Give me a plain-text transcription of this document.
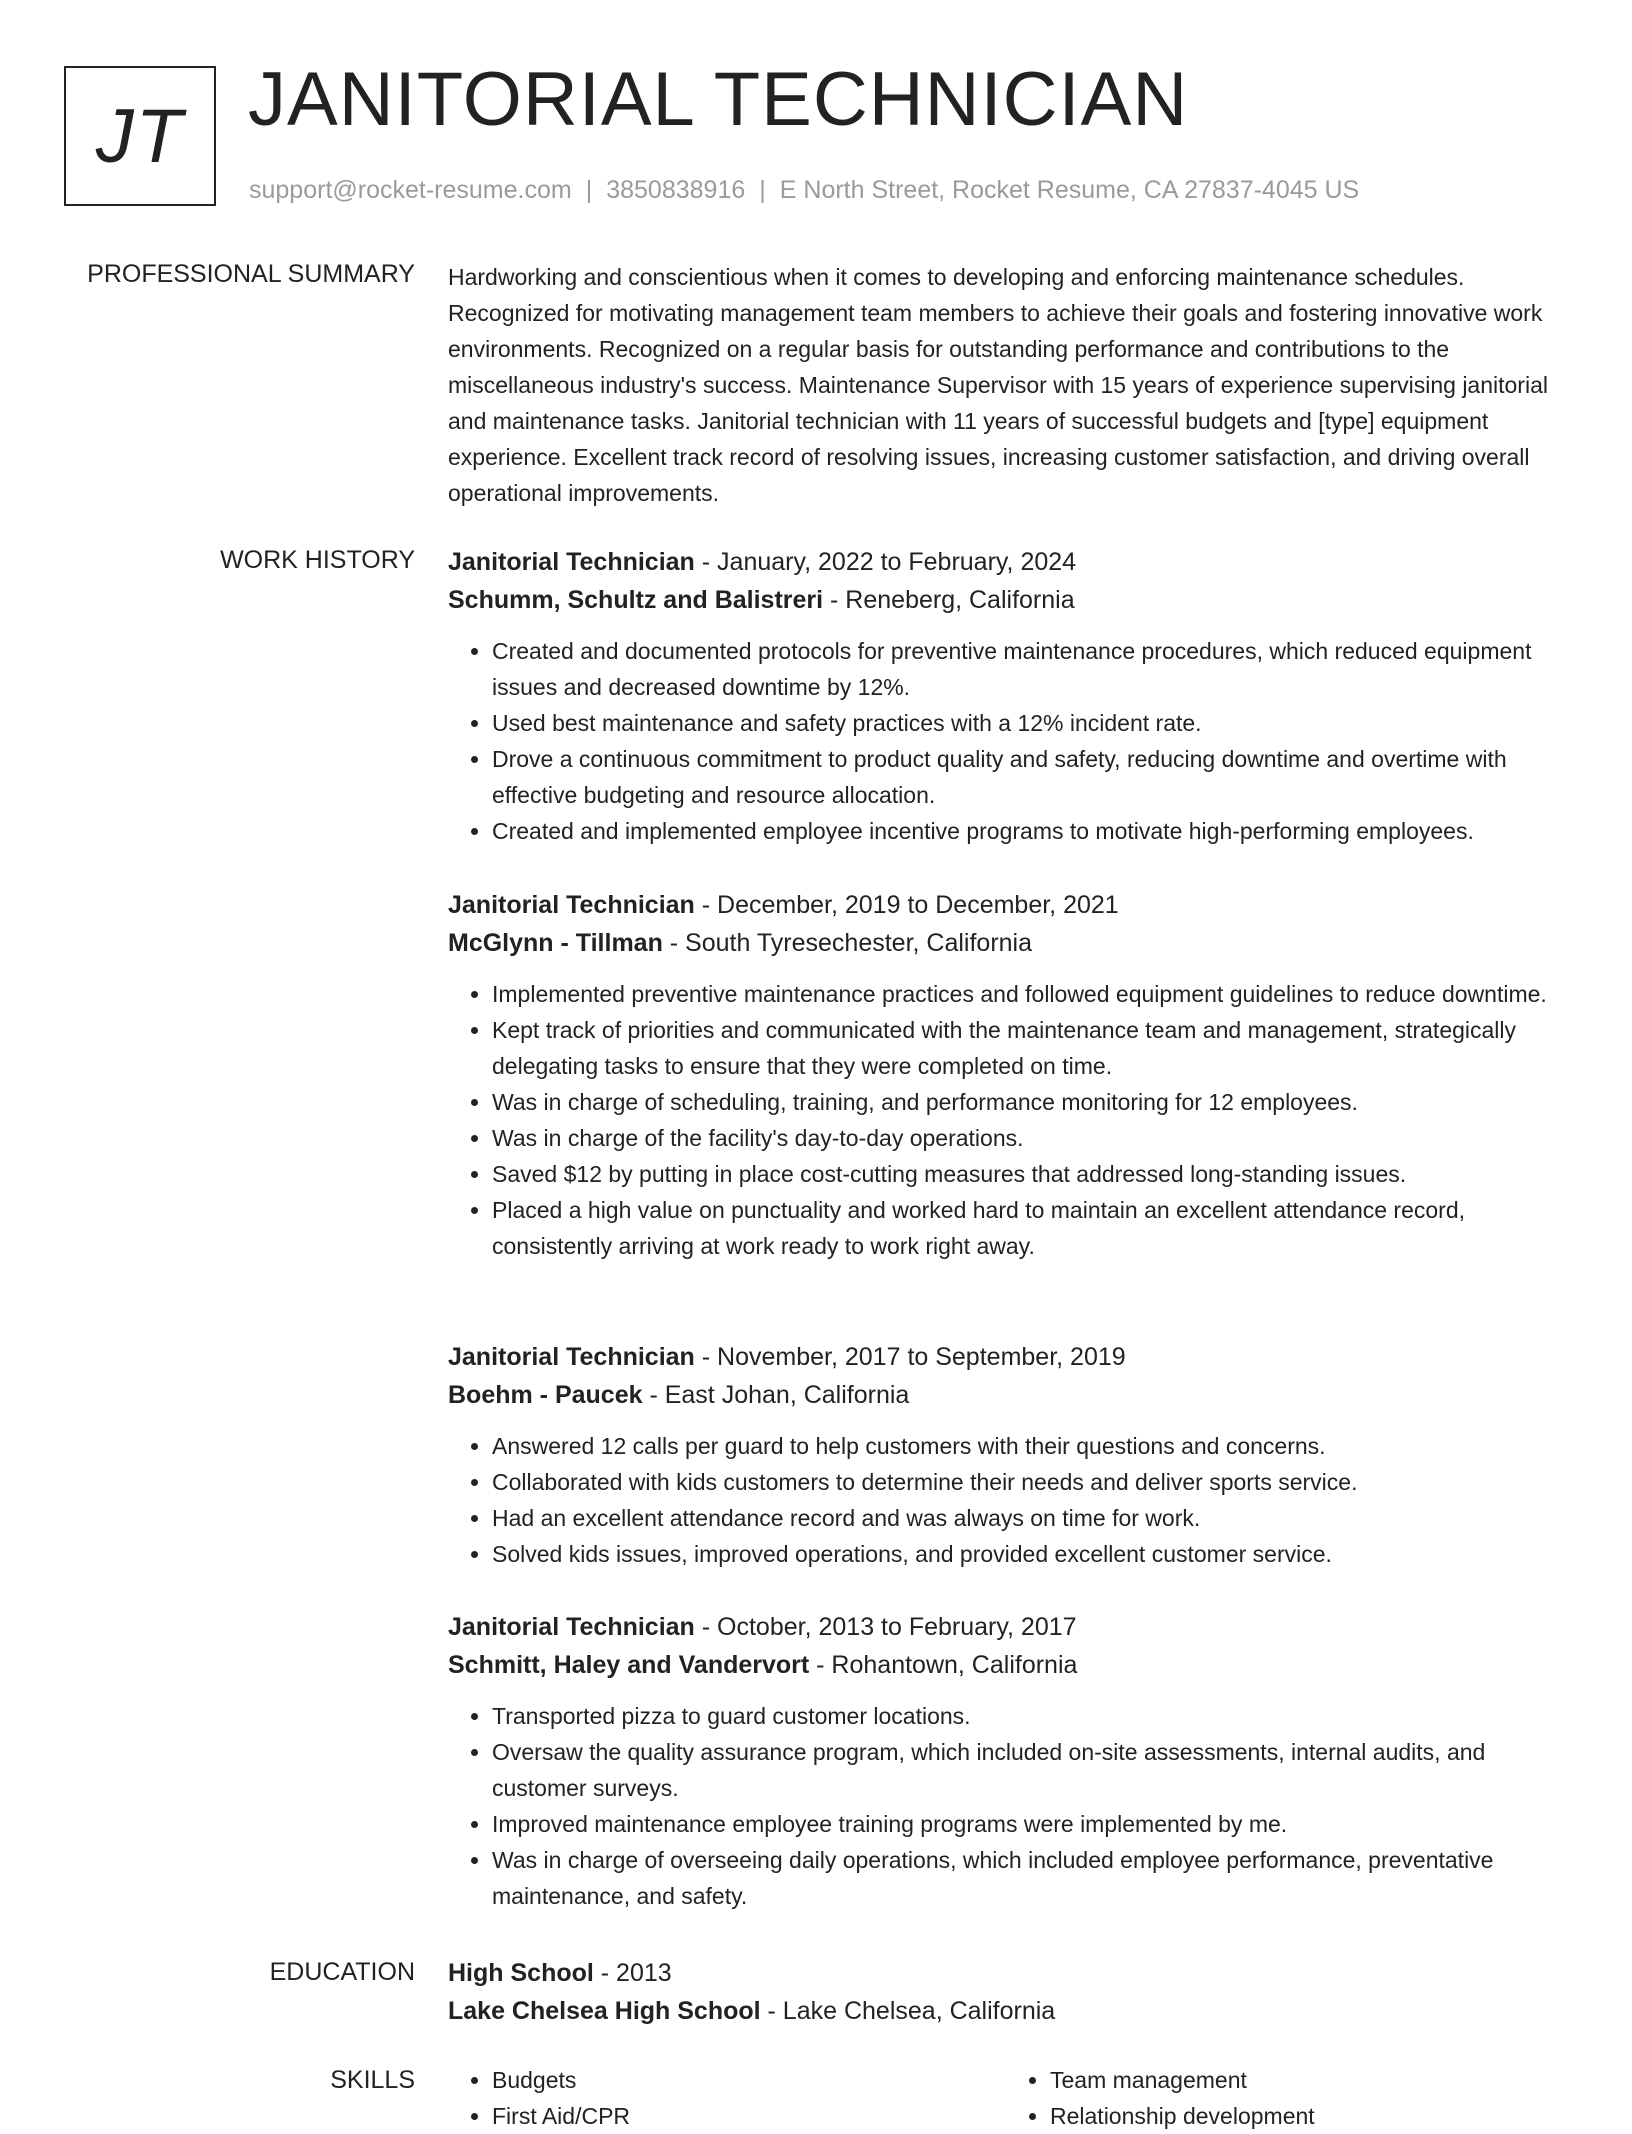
JT JANITORIAL TECHNICIAN
support@rocket-resume.com | 3850838916 | E North Street, Rocket Resume, CA 27837-4045 US
PROFESSIONAL SUMMARY Hardworking and conscientious when it comes to developing and enforcing maintenance schedules. Recognized for motivating management team members to achieve their goals and fostering innovative work environments. Recognized on a regular basis for outstanding performance and contributions to the miscellaneous industry's success. Maintenance Supervisor with 15 years of experience supervising janitorial and maintenance tasks. Janitorial technician with 11 years of successful budgets and [type] equipment experience. Excellent track record of resolving issues, increasing customer satisfaction, and driving overall operational improvements.

WORK HISTORY Janitorial Technician - January, 2022 to February, 2024

Schumm, Schultz and Balistreri - Reneberg, California

• Created and documented protocols for preventive maintenance procedures, which reduced equipment issues and decreased downtime by 12%.
• Used best maintenance and safety practices with a 12% incident rate.
• Drove a continuous commitment to product quality and safety, reducing downtime and overtime with effective budgeting and resource allocation.
• Created and implemented employee incentive programs to motivate high-performing employees.

Janitorial Technician - December, 2019 to December, 2021

McGlynn - Tillman - South Tyresechester, California

• Implemented preventive maintenance practices and followed equipment guidelines to reduce downtime.
• Kept track of priorities and communicated with the maintenance team and management, strategically delegating tasks to ensure that they were completed on time.
• Was in charge of scheduling, training, and performance monitoring for 12 employees.
• Was in charge of the facility's day-to-day operations.
• Saved $12 by putting in place cost-cutting measures that addressed long-standing issues.
• Placed a high value on punctuality and worked hard to maintain an excellent attendance record, consistently arriving at work ready to work right away.

Janitorial Technician - November, 2017 to September, 2019

Boehm - Paucek - East Johan, California

• Answered 12 calls per guard to help customers with their questions and concerns.
• Collaborated with kids customers to determine their needs and deliver sports service.
• Had an excellent attendance record and was always on time for work.
• Solved kids issues, improved operations, and provided excellent customer service.

Janitorial Technician - October, 2013 to February, 2017

Schmitt, Haley and Vandervort - Rohantown, California

• Transported pizza to guard customer locations.
• Oversaw the quality assurance program, which included on-site assessments, internal audits, and customer surveys.
• Improved maintenance employee training programs were implemented by me.
• Was in charge of overseeing daily operations, which included employee performance, preventative maintenance, and safety.
EDUCATION High School - 2013

Lake Chelsea High School - Lake Chelsea, California

SKILLS
•	Budgets
• First Aid/CPR
• Team management
• Relationship development
